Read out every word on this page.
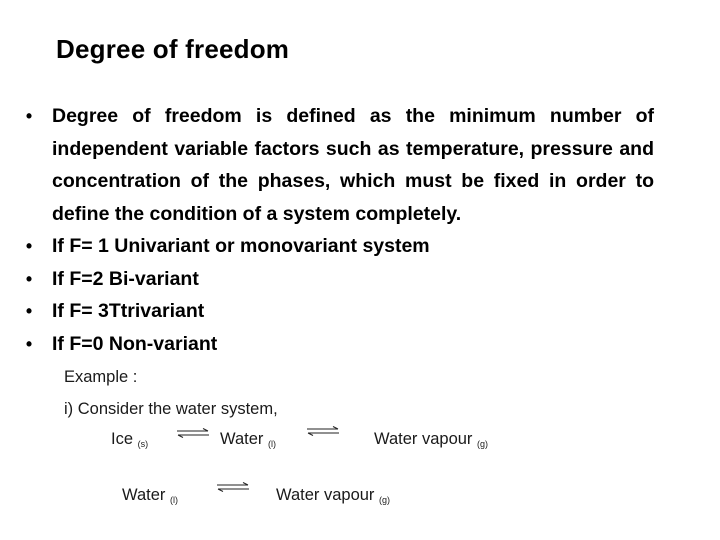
Degree of freedom
• Degree of freedom is defined as the minimum number of independent variable factors such as temperature, pressure and concentration of the phases, which must be fixed in order to define the condition of a system completely.
• If F= 1 Univariant or monovariant system
• If F=2 Bi-variant
• If F= 3Ttrivariant
• If F=0 Non-variant
Example :
i) Consider the water system,
Ice $_{(s)}$ ⇌ Water $_{(l)}$	Water vapour $_{(g)}$
Water $_{(l)}$	Water vapour $_{(g)}$
